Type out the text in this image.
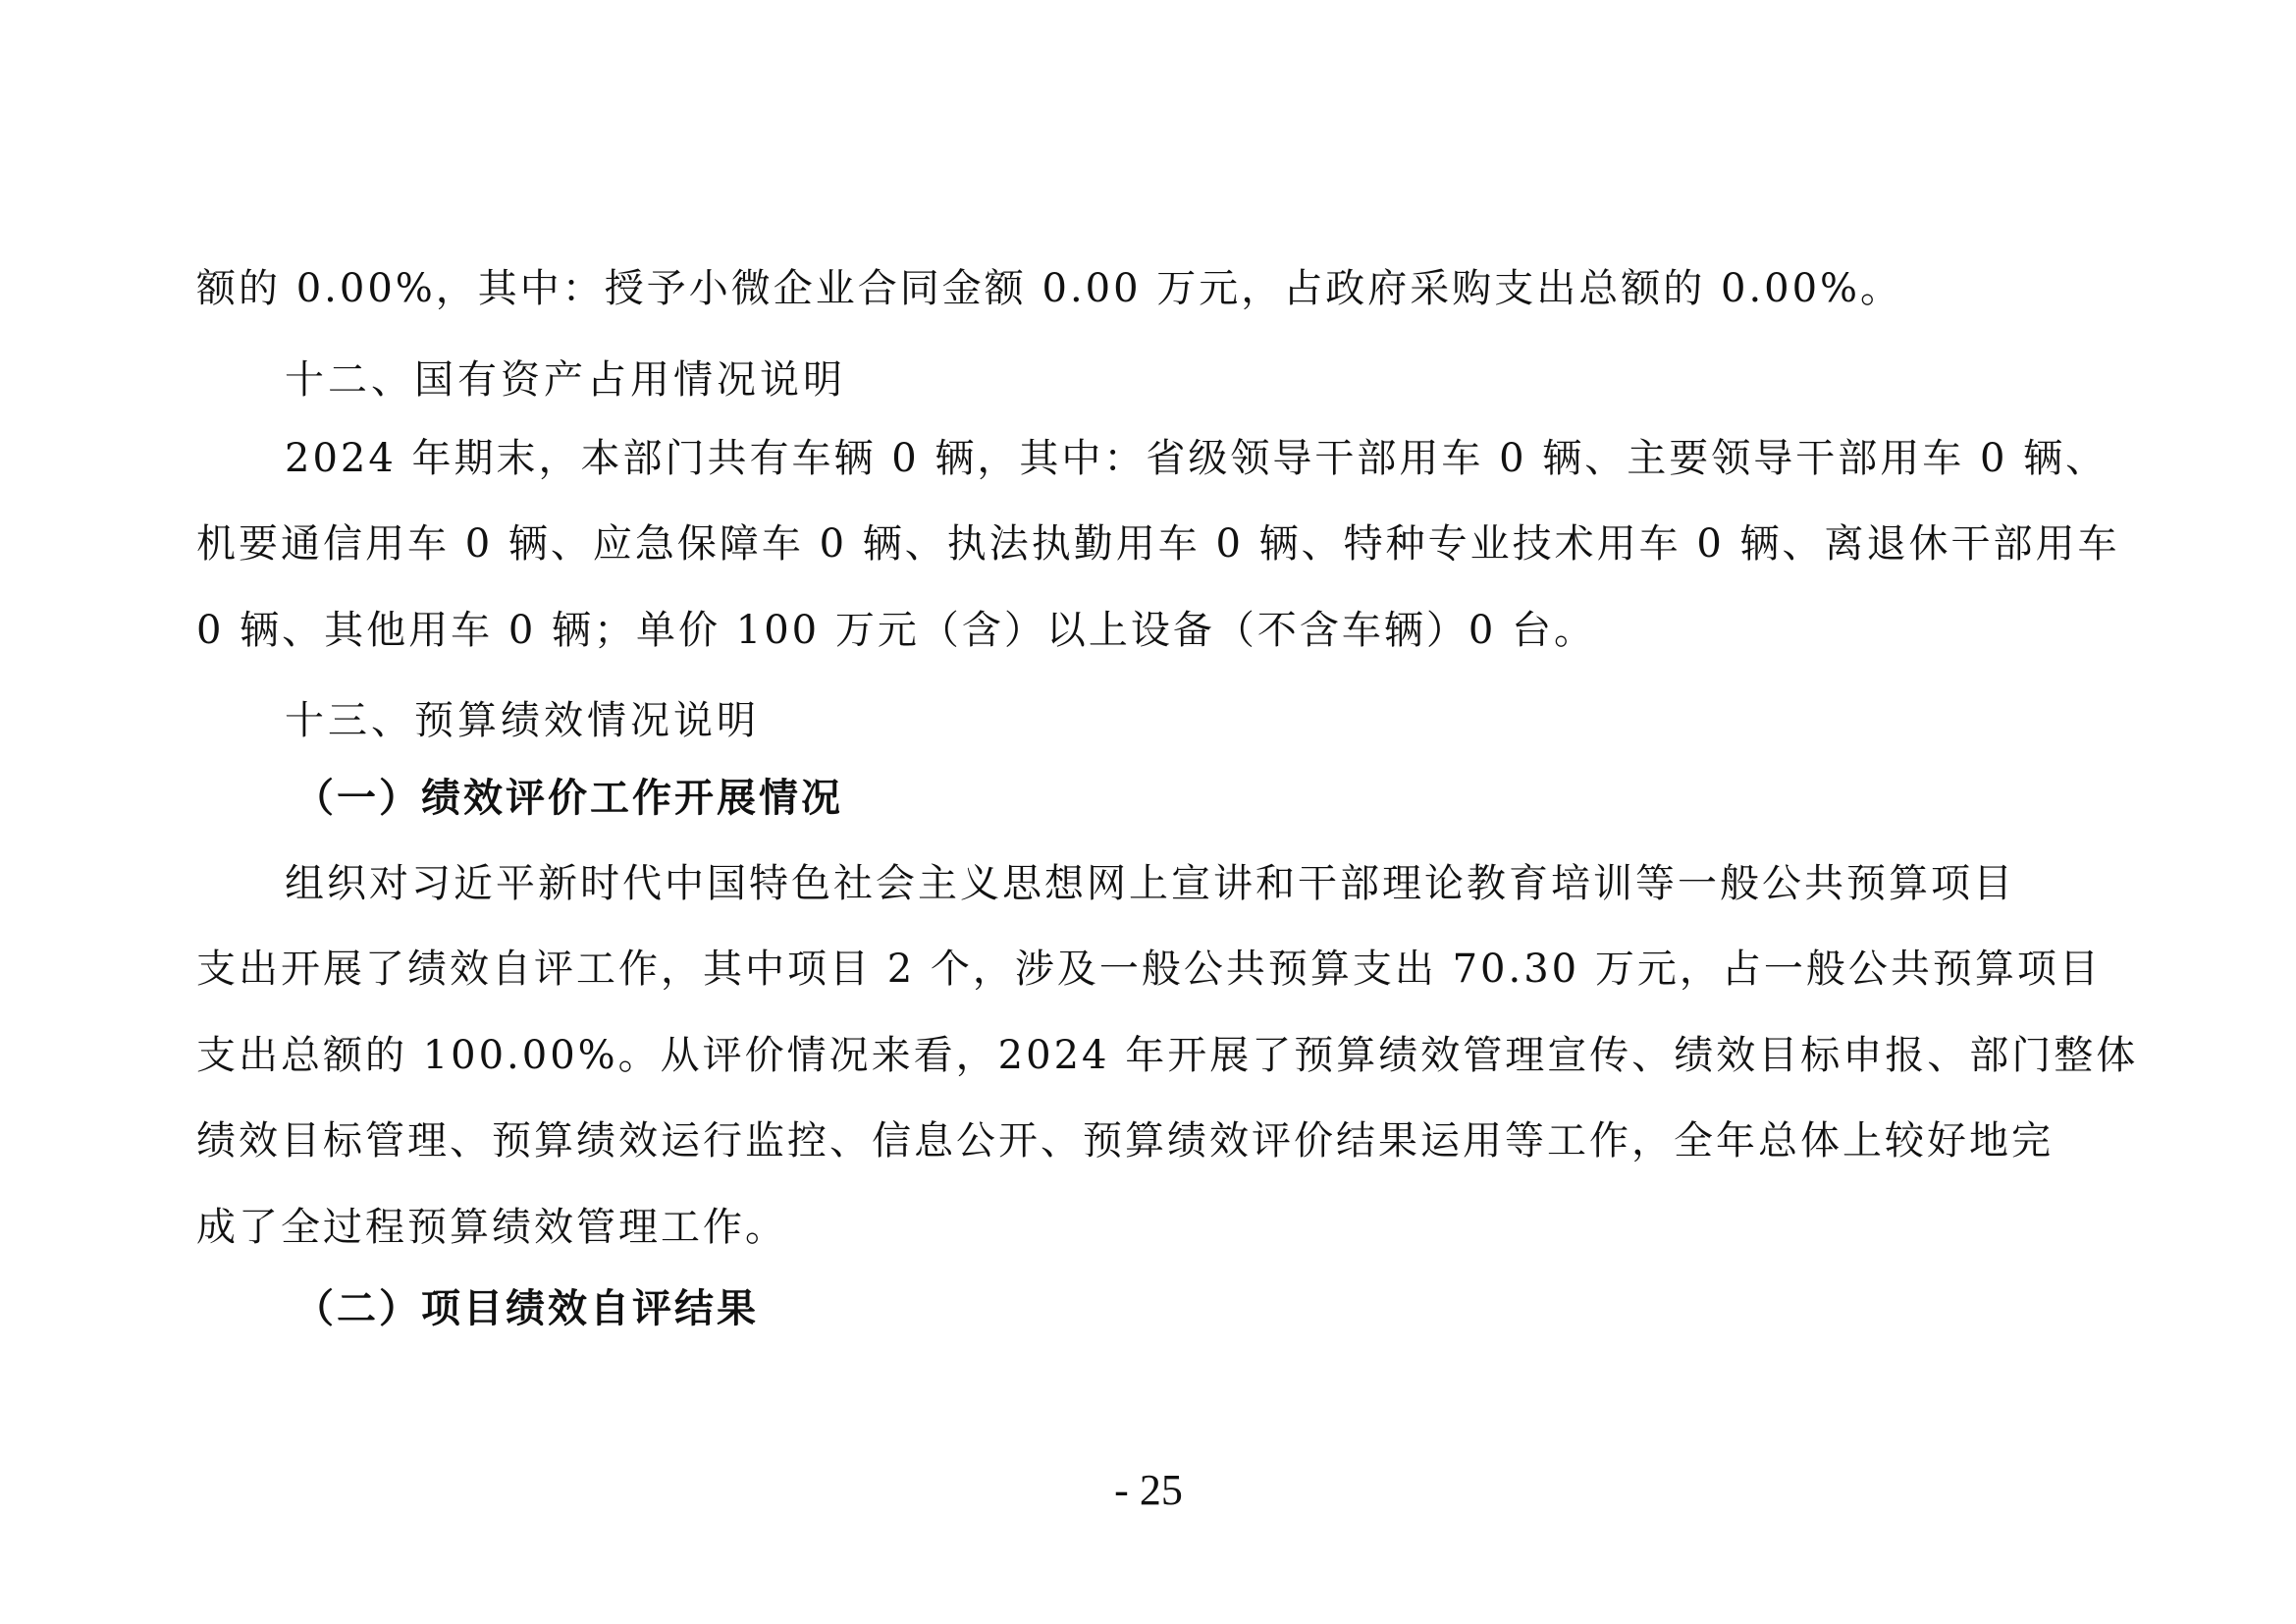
额的 0.00%，其中：授予小微企业合同金额 0.00 万元，占政府采购支出总额的 0.00%。
十二、国有资产占用情况说明
2024 年期末，本部门共有车辆 0 辆，其中：省级领导干部用车 0 辆、主要领导干部用车 0 辆、
机要通信用车 0 辆、应急保障车 0 辆、执法执勤用车 0 辆、特种专业技术用车 0 辆、离退休干部用车
0 辆、其他用车 0 辆；单价 100 万元（含）以上设备（不含车辆）0 台。
十三、预算绩效情况说明
（一）绩效评价工作开展情况
组织对习近平新时代中国特色社会主义思想网上宣讲和干部理论教育培训等一般公共预算项目
支出开展了绩效自评工作，其中项目 2 个，涉及一般公共预算支出 70.30 万元，占一般公共预算项目
支出总额的 100.00%。从评价情况来看，2024 年开展了预算绩效管理宣传、绩效目标申报、部门整体
绩效目标管理、预算绩效运行监控、信息公开、预算绩效评价结果运用等工作，全年总体上较好地完
成了全过程预算绩效管理工作。
（二）项目绩效自评结果
- 25
